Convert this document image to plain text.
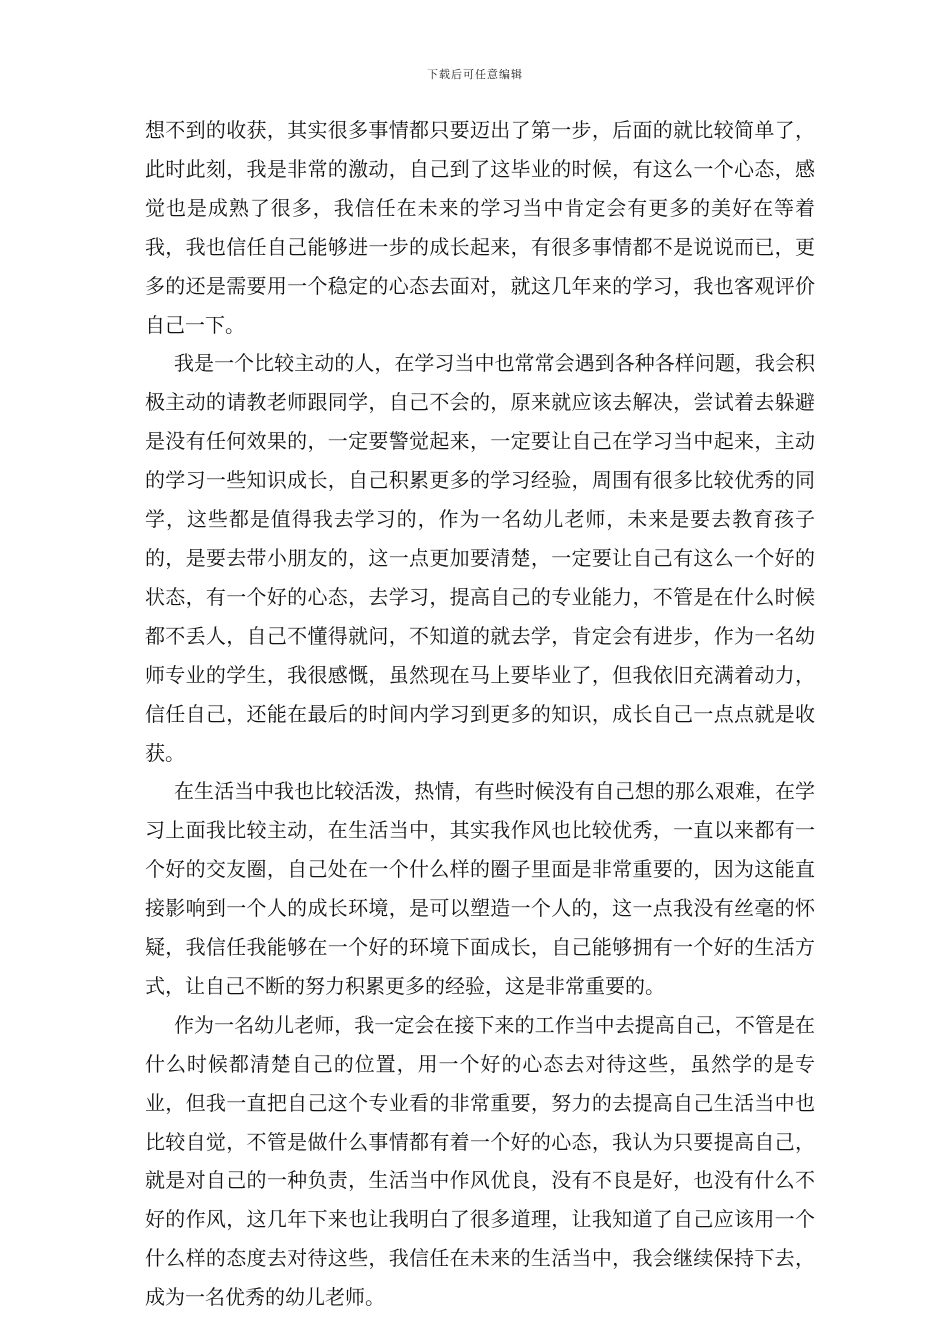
下载后可任意编辑

想不到的收获，其实很多事情都只要迈出了第一步，后面的就比较简单了，此时此刻，我是非常的激动，自己到了这毕业的时候，有这么一个心态，感觉也是成熟了很多，我信任在未来的学习当中肯定会有更多的美好在等着我，我也信任自己能够进一步的成长起来，有很多事情都不是说说而已，更多的还是需要用一个稳定的心态去面对，就这几年来的学习，我也客观评价自己一下。

我是一个比较主动的人，在学习当中也常常会遇到各种各样问题，我会积极主动的请教老师跟同学，自己不会的，原来就应该去解决，尝试着去躲避是没有任何效果的，一定要警觉起来，一定要让自己在学习当中起来，主动的学习一些知识成长，自己积累更多的学习经验，周围有很多比较优秀的同学，这些都是值得我去学习的，作为一名幼儿老师，未来是要去教育孩子的，是要去带小朋友的，这一点更加要清楚，一定要让自己有这么一个好的状态，有一个好的心态，去学习，提高自己的专业能力，不管是在什么时候都不丢人，自己不懂得就问，不知道的就去学，肯定会有进步，作为一名幼师专业的学生，我很感慨，虽然现在马上要毕业了，但我依旧充满着动力，信任自己，还能在最后的时间内学习到更多的知识，成长自己一点点就是收获。

在生活当中我也比较活泼，热情，有些时候没有自己想的那么艰难，在学习上面我比较主动，在生活当中，其实我作风也比较优秀，一直以来都有一个好的交友圈，自己处在一个什么样的圈子里面是非常重要的，因为这能直接影响到一个人的成长环境，是可以塑造一个人的，这一点我没有丝毫的怀疑，我信任我能够在一个好的环境下面成长，自己能够拥有一个好的生活方式，让自己不断的努力积累更多的经验，这是非常重要的。

作为一名幼儿老师，我一定会在接下来的工作当中去提高自己，不管是在什么时候都清楚自己的位置，用一个好的心态去对待这些，虽然学的是专业，但我一直把自己这个专业看的非常重要，努力的去提高自己生活当中也比较自觉，不管是做什么事情都有着一个好的心态，我认为只要提高自己，就是对自己的一种负责，生活当中作风优良，没有不良是好，也没有什么不好的作风，这几年下来也让我明白了很多道理，让我知道了自己应该用一个什么样的态度去对待这些，我信任在未来的生活当中，我会继续保持下去，成为一名优秀的幼儿老师。
